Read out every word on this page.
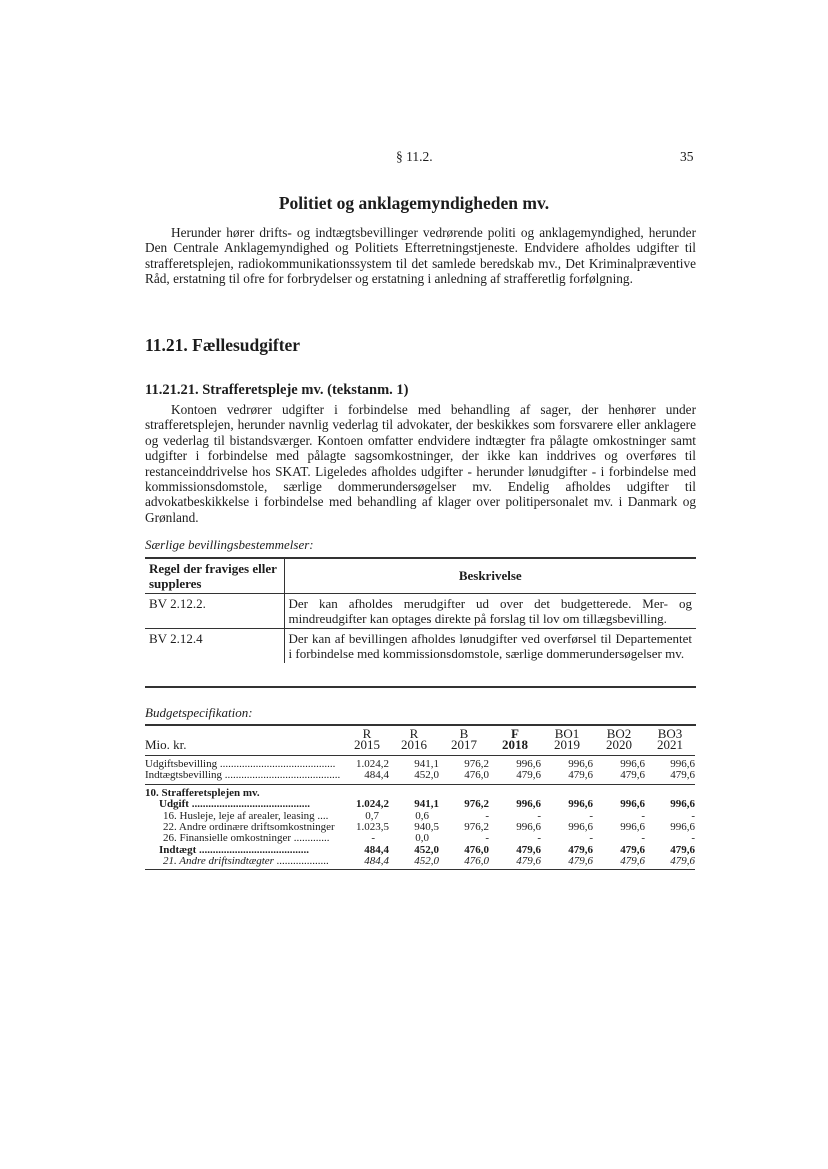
§ 11.2.	35
Politiet og anklagemyndigheden mv.

Herunder hører drifts- og indtægtsbevillinger vedrørende politi og anklagemyndighed, herunder Den Centrale Anklagemyndighed og Politiets Efterretningstjeneste. Endvidere afholdes udgifter til strafferetsplejen, radiokommunikationssystem til det samlede beredskab mv., Det Kriminalpræventive Råd, erstatning til ofre for forbrydelser og erstatning i anledning af strafferetlig forfølgning.

11.21. Fællesudgifter
11.21.21. Strafferetspleje mv. (tekstanm. 1)

Kontoen vedrører udgifter i forbindelse med behandling af sager, der henhører under strafferetsplejen, herunder navnlig vederlag til advokater, der beskikkes som forsvarere eller anklagere og vederlag til bistandsværger. Kontoen omfatter endvidere indtægter fra pålagte omkostninger samt udgifter i forbindelse med pålagte sagsomkostninger, der ikke kan inddrives og overføres til restanceinddrivelse hos SKAT. Ligeledes afholdes udgifter - herunder lønudgifter - i forbindelse med kommissionsdomstole, særlige dommerundersøgelser mv. Endelig afholdes udgifter til advokatbeskikkelse i forbindelse med behandling af klager over politipersonalet mv. i Danmark og Grønland.

Særlige bevillingsbestemmelser:
Regel der fraviges eller suppleres	Beskrivelse
BV 2.12.2.	Der kan afholdes merudgifter ud over det budgetterede. Mer- og mindreudgifter kan optages direkte på forslag til lov om tillægsbevilling.
BV 2.12.4	Der kan af bevillingen afholdes lønudgifter ved overførsel til Departementet i forbindelse med kommissionsdomstole, særlige dommerundersøgelser mv.
Budgetspecifikation:
	R	R	B	F	BO1	BO2	BO3
Mio. kr.	2015	2016	2017	2018	2019	2020	2021

Udgiftsbevilling ..........................................	1.024,2	941,1	976,2	996,6	996,6	996,6	996,6
Indtægtsbevilling ..........................................	484,4	452,0	476,0	479,6	479,6	479,6	479,6

10. Strafferetsplejen mv.							
Udgift ...........................................	1.024,2	941,1	976,2	996,6	996,6	996,6	996,6
16. Husleje, leje af arealer, leasing ....	0,7	0,6	-	-	-	-	-
22. Andre ordinære driftsomkostninger	1.023,5	940,5	976,2	996,6	996,6	996,6	996,6
26. Finansielle omkostninger .............	-	0,0	-	-	-	-	-
Indtægt ........................................	484,4	452,0	476,0	479,6	479,6	479,6	479,6
21. Andre driftsindtægter ...................	484,4	452,0	476,0	479,6	479,6	479,6	479,6
